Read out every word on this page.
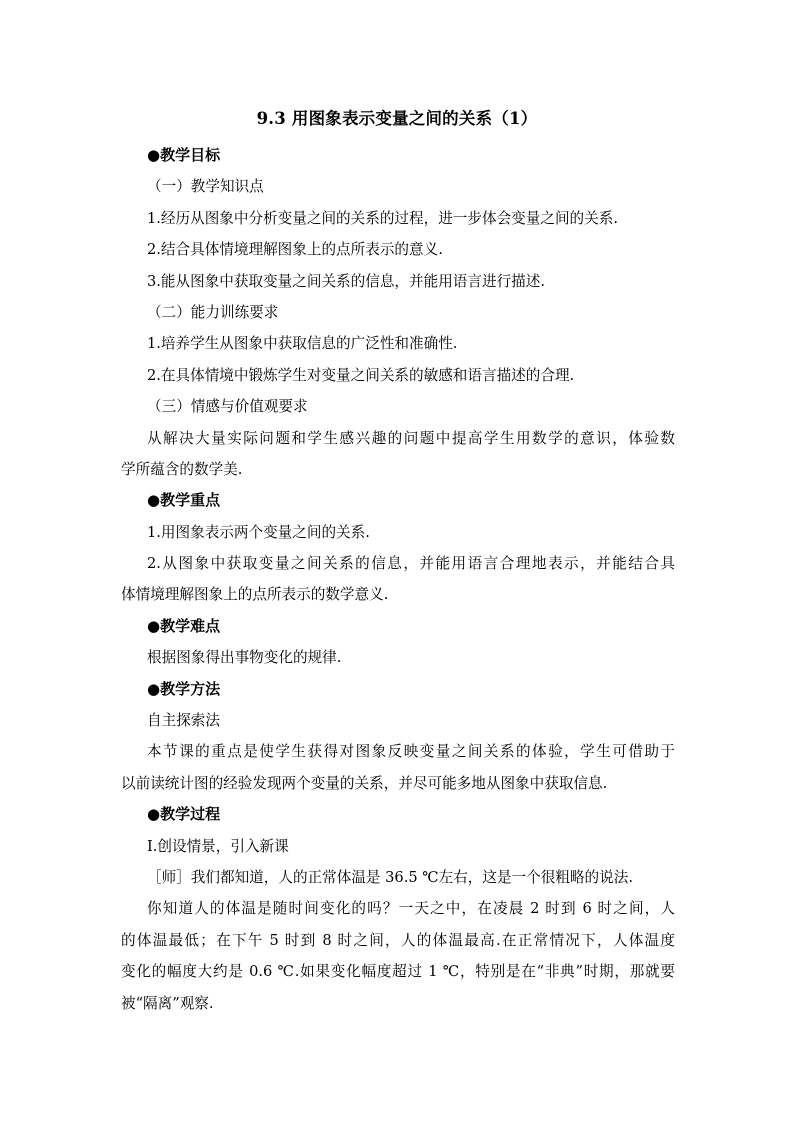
9.3 用图象表示变量之间的关系（1）
●教学目标
（一）教学知识点
1.经历从图象中分析变量之间的关系的过程，进一步体会变量之间的关系.
2.结合具体情境理解图象上的点所表示的意义.
3.能从图象中获取变量之间关系的信息，并能用语言进行描述.
（二）能力训练要求
1.培养学生从图象中获取信息的广泛性和准确性.
2.在具体情境中锻炼学生对变量之间关系的敏感和语言描述的合理.
（三）情感与价值观要求
从解决大量实际问题和学生感兴趣的问题中提高学生用数学的意识，体验数
学所蕴含的数学美.
●教学重点
1.用图象表示两个变量之间的关系.
2.从图象中获取变量之间关系的信息，并能用语言合理地表示，并能结合具
体情境理解图象上的点所表示的数学意义.
●教学难点
根据图象得出事物变化的规律.
●教学方法
自主探索法
本节课的重点是使学生获得对图象反映变量之间关系的体验，学生可借助于
以前读统计图的经验发现两个变量的关系，并尽可能多地从图象中获取信息.
●教学过程
Ⅰ.创设情景，引入新课
［师］我们都知道，人的正常体温是 36.5 ℃左右，这是一个很粗略的说法.
你知道人的体温是随时间变化的吗？一天之中，在凌晨 2 时到 6 时之间，人
的体温最低；在下午 5 时到 8 时之间，人的体温最高.在正常情况下，人体温度
变化的幅度大约是 0.6 ℃.如果变化幅度超过 1 ℃，特别是在“非典”时期，那就要
被“隔离”观察.
